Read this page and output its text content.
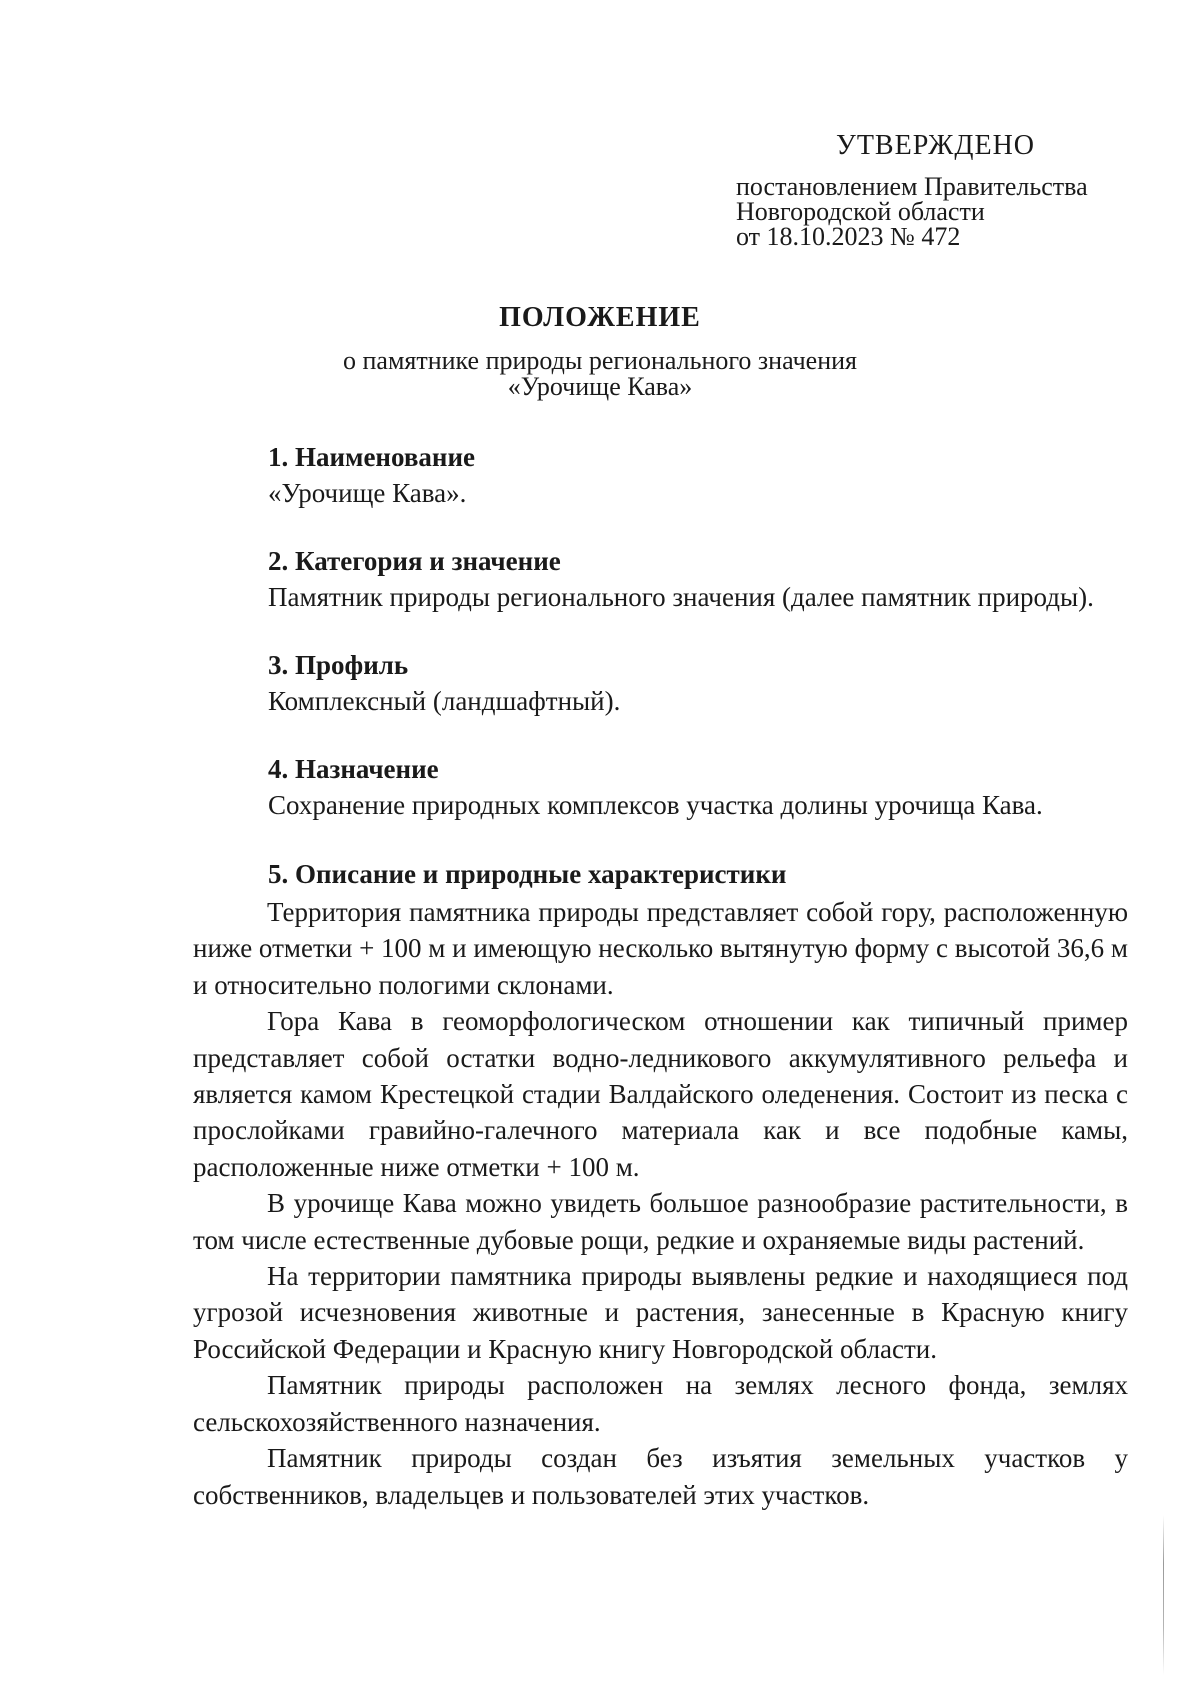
УТВЕРЖДЕНО
постановлением Правительства
Новгородской области
от 18.10.2023 № 472
ПОЛОЖЕНИЕ
о памятнике природы регионального значения
«Урочище Кава»
1. Наименование
«Урочище Кава».
2. Категория и значение
Памятник природы регионального значения (далее памятник природы).
3. Профиль
Комплексный (ландшафтный).
4. Назначение
Сохранение природных комплексов участка долины урочища Кава.
5. Описание и природные характеристики

Территория памятника природы представляет собой гору, расположенную ниже отметки + 100 м и имеющую несколько вытянутую форму с высотой 36,6 м и относительно пологими склонами.

Гора Кава в геоморфологическом отношении как типичный пример представляет собой остатки водно-ледникового аккумулятивного рельефа и является камом Крестецкой стадии Валдайского оледенения. Состоит из песка с прослойками гравийно-галечного материала как и все подобные камы, расположенные ниже отметки + 100 м.

В урочище Кава можно увидеть большое разнообразие растительности, в том числе естественные дубовые рощи, редкие и охраняемые виды растений.

На территории памятника природы выявлены редкие и находящиеся под угрозой исчезновения животные и растения, занесенные в Красную книгу Российской Федерации и Красную книгу Новгородской области.

Памятник природы расположен на землях лесного фонда, землях сельскохозяйственного назначения.

Памятник природы создан без изъятия земельных участков у собственников, владельцев и пользователей этих участков.
